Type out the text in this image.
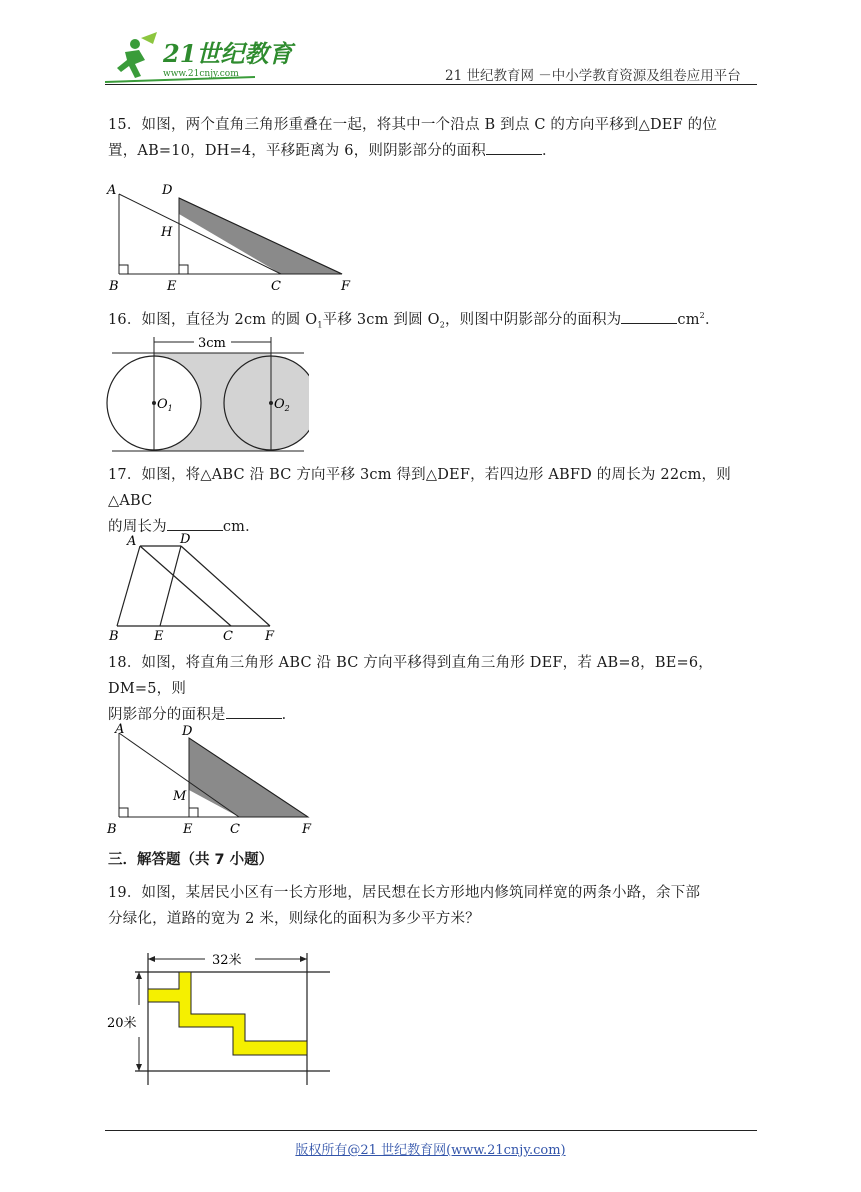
21世纪教育
www.21cnjy.com	21 世纪教育网 －中小学教育资源及组卷应用平台

15．如图，两个直角三角形重叠在一起，将其中一个沿点 B 到点 C 的方向平移到△DEF 的位

置，AB=10，DH=4，平移距离为 6，则阴影部分的面积	．

A	D
H
B	E	C	F

16．如图，直径为 2cm 的圆 $O_1$平移 3cm 到圆 $O_2$，则图中阴影部分的面积为	$cm^2$．

3cm
$O_1$	$O_2$

17．如图，将△ABC 沿 BC 方向平移 3cm 得到△DEF，若四边形 ABFD 的周长为 22cm，则△ABC

的周长为	cm．

A	D
B	E	C F

18．如图，将直角三角形 ABC 沿 BC 方向平移得到直角三角形 DEF，若 AB=8，BE=6，DM=5，则

阴影部分的面积是	．

A	D
M
B	E	C	F
三．解答题（共 7 小题）

19．如图，某居民小区有一长方形地，居民想在长方形地内修筑同样宽的两条小路，余下部

分绿化，道路的宽为 2 米，则绿化的面积为多少平方米？

32米
20米
版权所有@21 世纪教育网(www.21cnjy.com)
